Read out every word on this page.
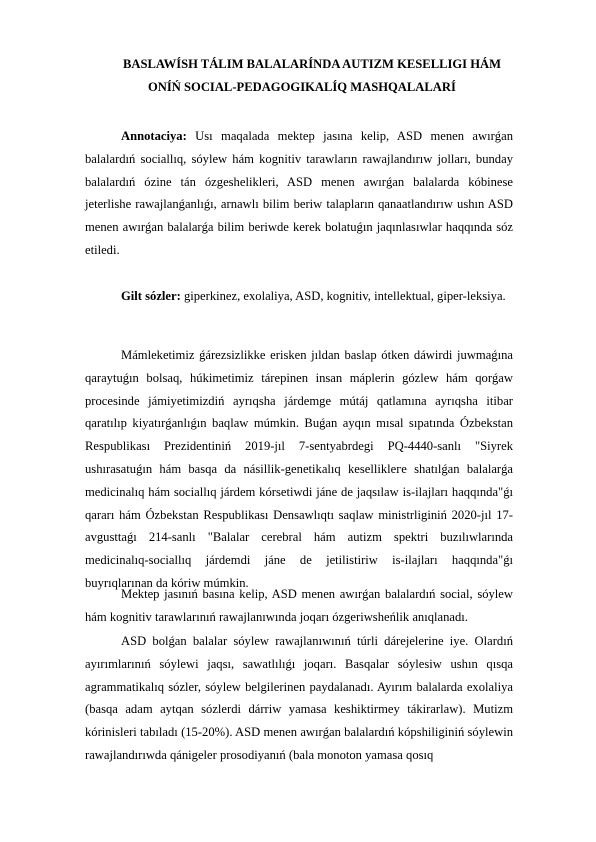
BASLAWÍSH TÁLIM BALALARÍNDA AUTIZM KESELLIGI HÁM
ONÍŃ SOCIAL-PEDAGOGIKALÍQ MASHQALALARÍ

Annotaciya: Usı maqalada mektep jasına kelip, ASD menen awırǵan balalardıń sociallıq, sóylew hám kognitiv tarawların rawajlandırıw jolları, bunday balalardıń ózine tán ózgeshelikleri, ASD menen awırǵan balalarda kóbinese jeterlishe rawajlanǵanlıǵı, arnawlı bilim beriw talapların qanaatlandırıw ushın ASD menen awırǵan balalarǵa bilim beriwde kerek bolatuǵın jaqınlasıwlar haqqında sóz etiledi.

Gilt sózler: giperkinez, exolaliya, ASD, kognitiv, intellektual, giper-leksiya.

Mámleketimiz ǵárezsizlikke erisken jıldan baslap ótken dáwirdi juwmaǵına qaraytuǵın bolsaq, húkimetimiz tárepinen insan máplerin gózlew hám qorǵaw procesinde jámiyetimizdiń ayrıqsha járdemge mútáj qatlamına ayrıqsha itibar qaratılıp kiyatırǵanlıǵın baqlaw múmkin. Buǵan ayqın mısal sıpatında Ózbekstan Respublikası Prezidentiniń 2019-jıl 7-sentyabrdegi PQ-4440-sanlı "Siyrek ushırasatuǵın hám basqa da násillik-genetikalıq kesellikleге shatılǵan balalarǵa medicinalıq hám sociallıq járdem kórsetiwdi jáne de jaqsılaw is-ilajları haqqında"ǵı qararı hám Ózbekstan Respublikası Densawlıqtı saqlaw ministrliginiń 2020-jıl 17-avgusttaǵı 214-sanlı "Balalar cerebral hám autizm spektri buzılıwlarında medicinalıq-sociallıq járdemdi jáne de jetilistiriw is-ilajları haqqında"ǵı buyrıqlarınan da kóriw múmkin.

Mektep jasınıń basına kelip, ASD menen awırǵan balalardıń social, sóylew hám kognitiv tarawlarınıń rawajlanıwında joqarı ózgeriwsheńlik anıqlanadı.

ASD bolǵan balalar sóylew rawajlanıwınıń túrli dárejelerine iye. Olardıń ayırımlarınıń sóylewi jaqsı, sawatlılıǵı joqarı. Basqalar sóylesiw ushın qısqa agrammatikalıq sózler, sóylew belgilerinen paydalanadı. Ayırım balalarda exolaliya (basqa adam aytqan sózlerdi dárriw yamasa keshiktirmey tákirarlaw). Mutizm kórinisleri tabıladı (15-20%). ASD menen awırǵan balalardıń kópshiliginiń sóylewin rawajlandırıwda qánigeler prosodiyanıń (bala monoton yamasa qosıq
